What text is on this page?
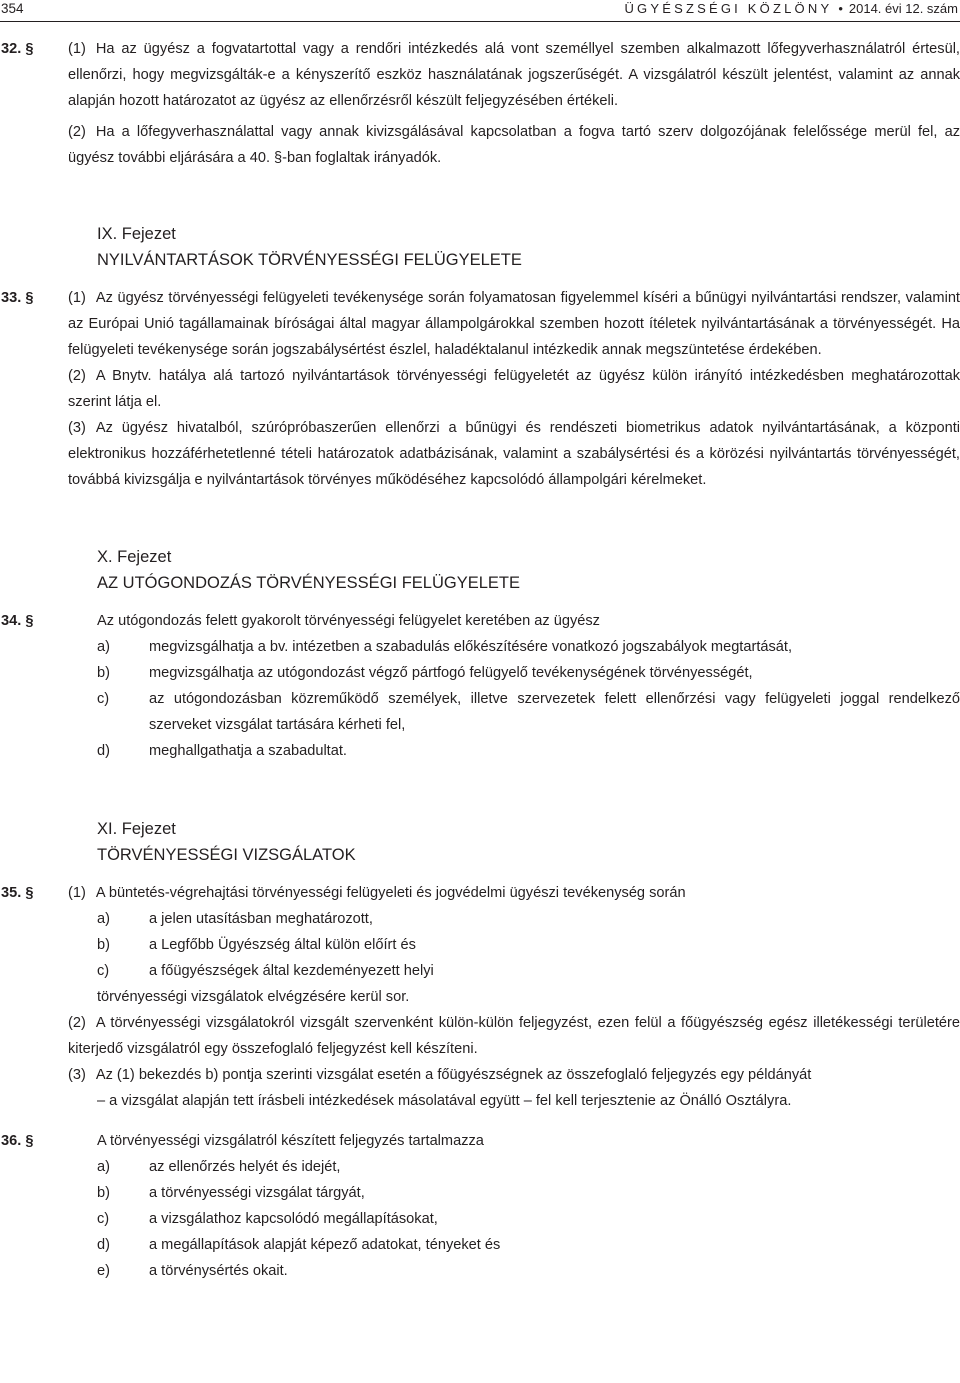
354	ÜGYÉSZSÉGI KÖZLÖNY • 2014. évi 12. szám
32. § (1) Ha az ügyész a fogvatartottal vagy a rendőri intézkedés alá vont személlyel szemben alkalmazott lőfegyverhasználatról értesül, ellenőrzi, hogy megvizsgálták-e a kényszerítő eszköz használatának jogszerűségét. A vizsgálatról készült jelentést, valamint az annak alapján hozott határozatot az ügyész az ellenőrzésről készült feljegyzésében értékeli.
(2) Ha a lőfegyverhasználattal vagy annak kivizsgálásával kapcsolatban a fogva tartó szerv dolgozójának felelőssége merül fel, az ügyész további eljárására a 40. §-ban foglaltak irányadók.
IX. Fejezet
NYILVÁNTARTÁSOK TÖRVÉNYESSÉGI FELÜGYELETE
33. § (1) Az ügyész törvényességi felügyeleti tevékenysége során folyamatosan figyelemmel kíséri a bűnügyi nyilvántartási rendszer, valamint az Európai Unió tagállamainak bíróságai által magyar állampolgárokkal szemben hozott ítéletek nyilvántartásának a törvényességét. Ha felügyeleti tevékenysége során jogszabálysértést észlel, haladéktalanul intézkedik annak megszüntetése érdekében.
(2) A Bnytv. hatálya alá tartozó nyilvántartások törvényességi felügyeletét az ügyész külön irányító intézkedésben meghatározottak szerint látja el.
(3) Az ügyész hivatalból, szúrópróbaszerűen ellenőrzi a bűnügyi és rendészeti biometrikus adatok nyilvántartásának, a központi elektronikus hozzáférhetetlenné tételi határozatok adatbázisának, valamint a szabálysértési és a körözési nyilvántartás törvényességét, továbbá kivizsgálja e nyilvántartások törvényes működéséhez kapcsolódó állampolgári kérelmeket.
X. Fejezet
AZ UTÓGONDOZÁS TÖRVÉNYESSÉGI FELÜGYELETE
34. §	Az utógondozás felett gyakorolt törvényességi felügyelet keretében az ügyész
a)	megvizsgálhatja a bv. intézetben a szabadulás előkészítésére vonatkozó jogszabályok megtartását,
b)	megvizsgálhatja az utógondozást végző pártfogó felügyelő tevékenységének törvényességét,
c)	az utógondozásban közreműködő személyek, illetve szervezetek felett ellenőrzési vagy felügyeleti joggal rendelkező szerveket vizsgálat tartására kérheti fel,
d)	meghallgathatja a szabadultat.
XI. Fejezet
TÖRVÉNYESSÉGI VIZSGÁLATOK
35. § (1) A büntetés-végrehajtási törvényességi felügyeleti és jogvédelmi ügyészi tevékenység során
a)	a jelen utasításban meghatározott,
b)	a Legfőbb Ügyészség által külön előírt és
c)	a főügyészségek által kezdeményezett helyi
törvényességi vizsgálatok elvégzésére kerül sor.
(2) A törvényességi vizsgálatokról vizsgált szervenként külön-külön feljegyzést, ezen felül a főügyészség egész illetékességi területére kiterjedő vizsgálatról egy összefoglaló feljegyzést kell készíteni.
(3) Az (1) bekezdés b) pontja szerinti vizsgálat esetén a főügyészségnek az összefoglaló feljegyzés egy példányát
– a vizsgálat alapján tett írásbeli intézkedések másolatával együtt – fel kell terjesztenie az Önálló Osztályra.
36. §	A törvényességi vizsgálatról készített feljegyzés tartalmazza
a)	az ellenőrzés helyét és idejét,
b)	a törvényességi vizsgálat tárgyát,
c)	a vizsgálathoz kapcsolódó megállapításokat,
d)	a megállapítások alapját képező adatokat, tényeket és
e)	a törvénysértés okait.
